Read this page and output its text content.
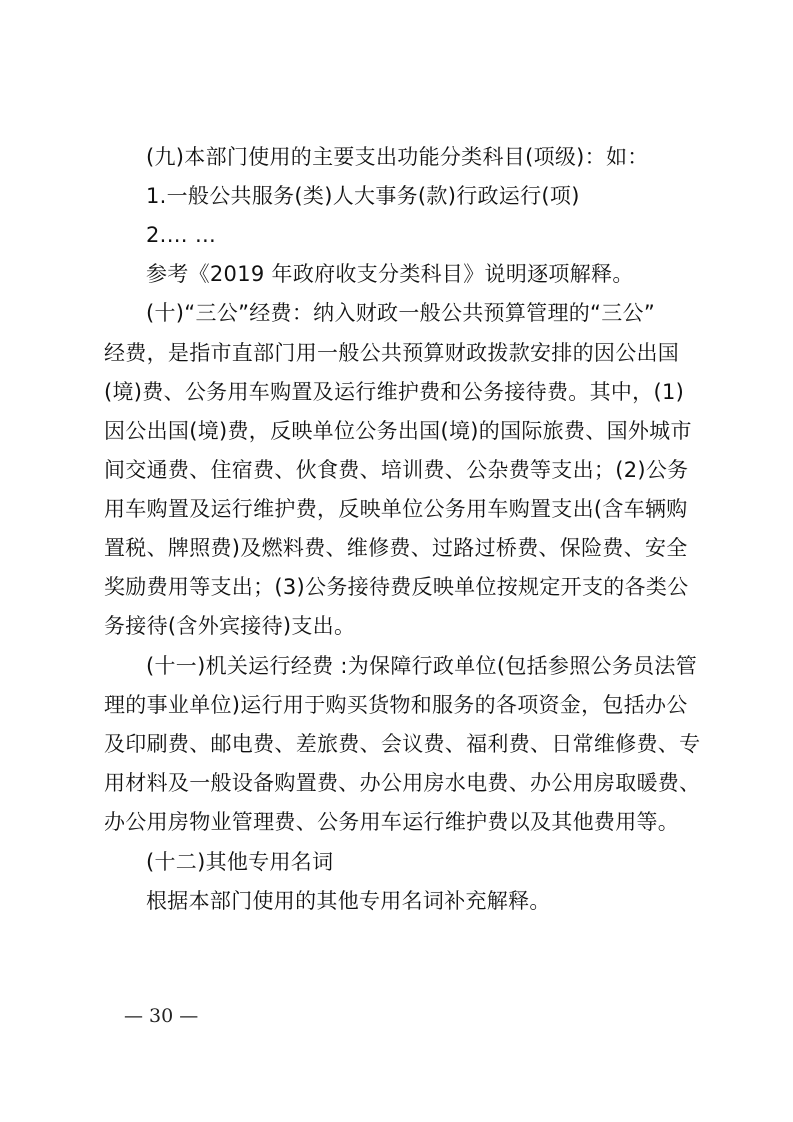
(九)本部门使用的主要支出功能分类科目(项级)：如：
1.一般公共服务(类)人大事务(款)行政运行(项)
2.… …
参考《2019 年政府收支分类科目》说明逐项解释。
(十)“三公”经费：纳入财政一般公共预算管理的“三公”
经费，是指市直部门用一般公共预算财政拨款安排的因公出国
(境)费、公务用车购置及运行维护费和公务接待费。其中，(1)
因公出国(境)费，反映单位公务出国(境)的国际旅费、国外城市
间交通费、住宿费、伙食费、培训费、公杂费等支出；(2)公务
用车购置及运行维护费，反映单位公务用车购置支出(含车辆购
置税、牌照费)及燃料费、维修费、过路过桥费、保险费、安全
奖励费用等支出；(3)公务接待费反映单位按规定开支的各类公
务接待(含外宾接待)支出。
(十一)机关运行经费 :为保障行政单位(包括参照公务员法管
理的事业单位)运行用于购买货物和服务的各项资金，包括办公
及印刷费、邮电费、差旅费、会议费、福利费、日常维修费、专
用材料及一般设备购置费、办公用房水电费、办公用房取暖费、
办公用房物业管理费、公务用车运行维护费以及其他费用等。
(十二)其他专用名词
根据本部门使用的其他专用名词补充解释。
— 30 —
